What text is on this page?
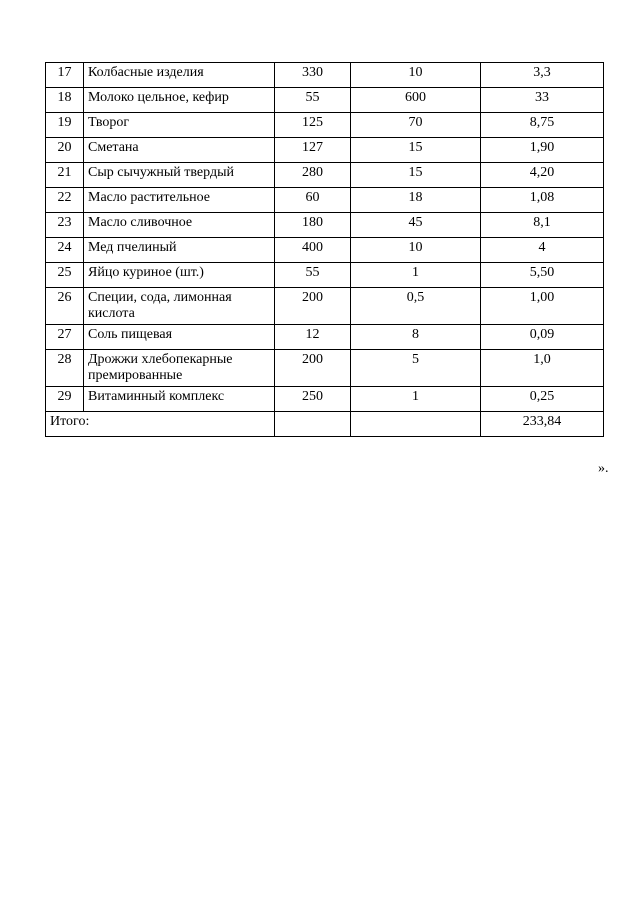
17	Колбасные изделия	330	10	3,3
18	Молоко цельное, кефир	55	600	33
19	Творог	125	70	8,75
20	Сметана	127	15	1,90
21	Сыр сычужный твердый	280	15	4,20
22	Масло растительное	60	18	1,08
23	Масло сливочное	180	45	8,1
24	Мед пчелиный	400	10	4
25	Яйцо куриное (шт.)	55	1	5,50
26	Специи, сода, лимонная кислота	200	0,5	1,00
27	Соль пищевая	12	8	0,09
28	Дрожжи хлебопекарные премированные	200	5	1,0
29	Витаминный комплекс	250	1	0,25
Итого:				233,84
».
